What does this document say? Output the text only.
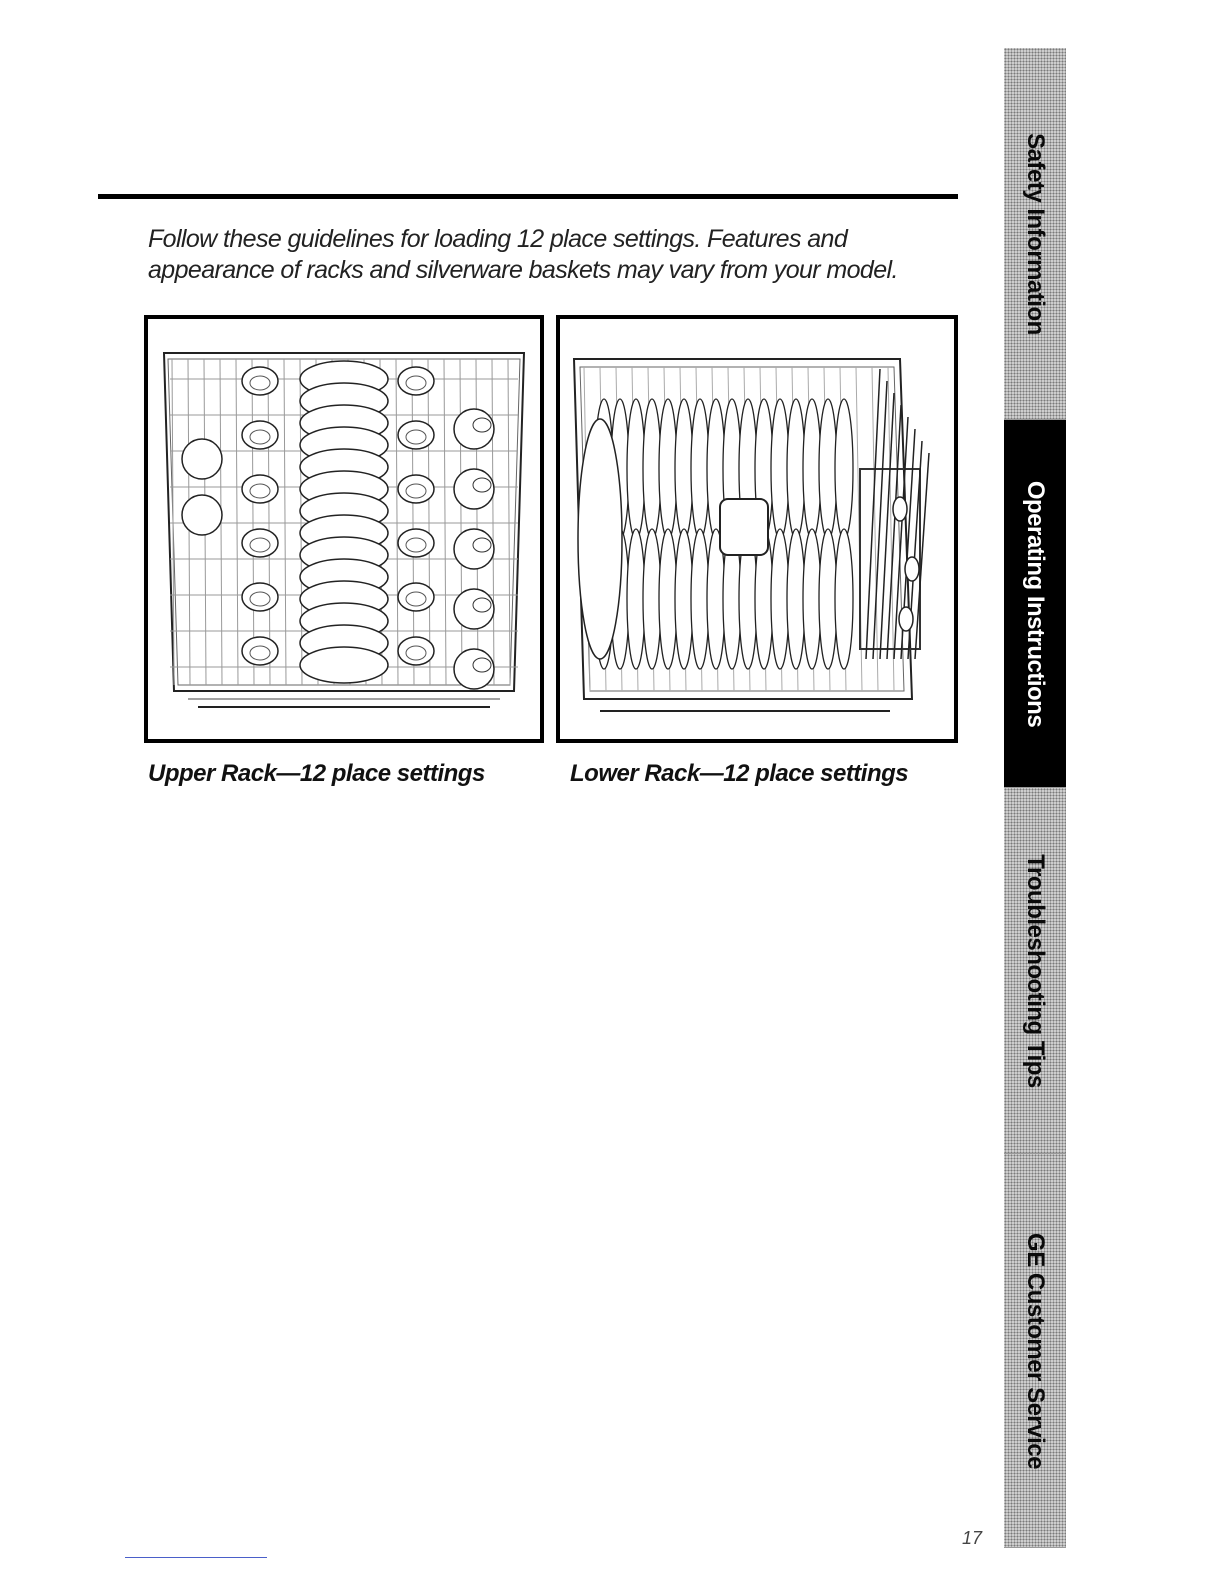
Follow these guidelines for loading 12 place settings. Features and

appearance of racks and silverware baskets may vary from your model.

Upper Rack—12 place settings	Lower Rack—12 place settings
Safety Information
Operating Instructions
Troubleshooting Tips
GE Customer Service
17
